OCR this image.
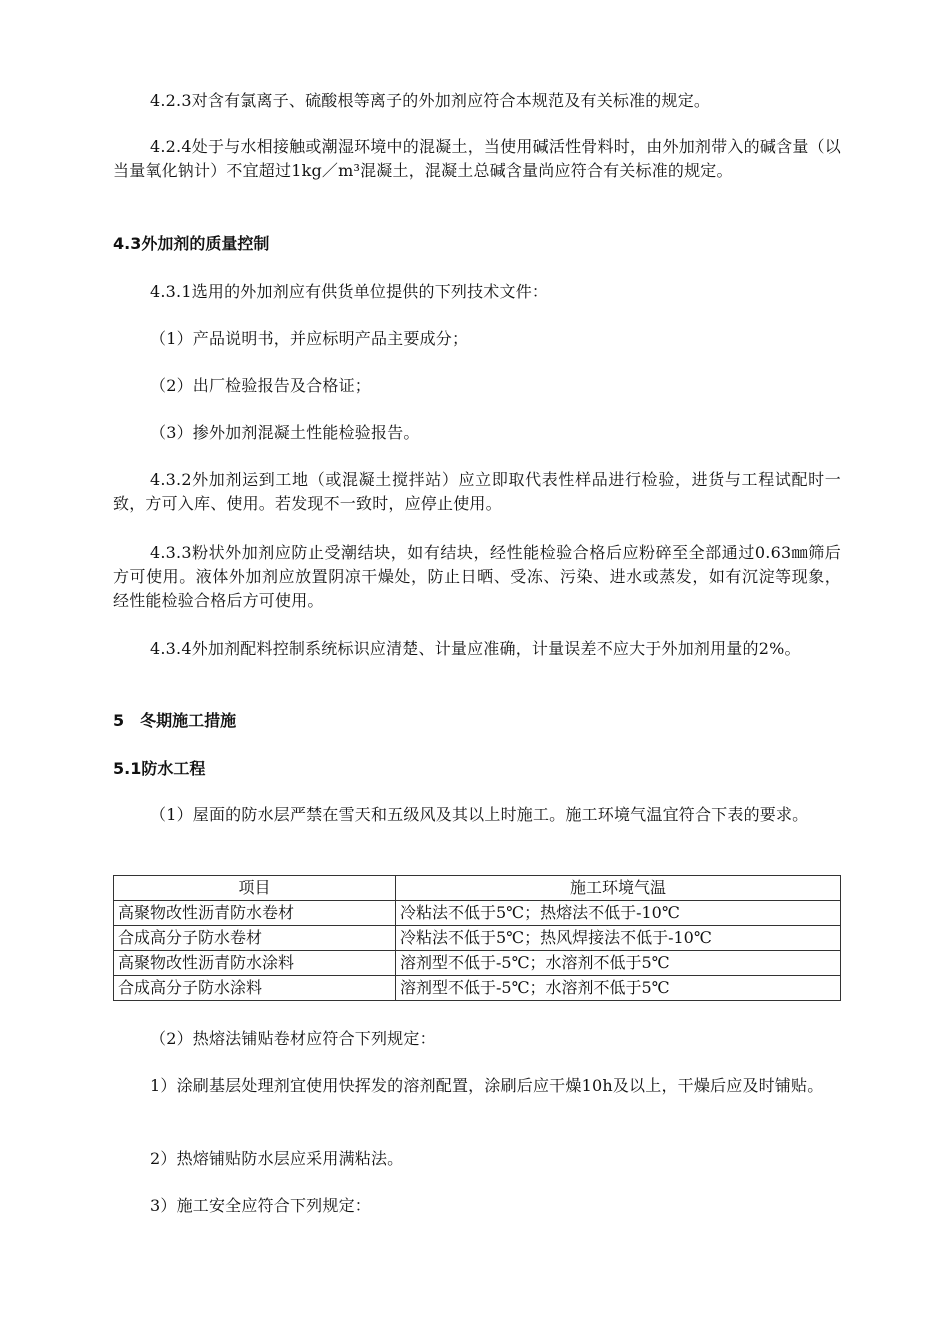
4.2.3对含有氯离子、硫酸根等离子的外加剂应符合本规范及有关标准的规定。

4.2.4处于与水相接触或潮湿环境中的混凝土，当使用碱活性骨料时，由外加剂带入的碱含量（以当量氧化钠计）不宜超过1kg／m³混凝土，混凝土总碱含量尚应符合有关标准的规定。

4.3外加剂的质量控制

4.3.1选用的外加剂应有供货单位提供的下列技术文件：

（1）产品说明书，并应标明产品主要成分；

（2）出厂检验报告及合格证；

（3）掺外加剂混凝土性能检验报告。

4.3.2外加剂运到工地（或混凝土搅拌站）应立即取代表性样品进行检验，进货与工程试配时一致，方可入库、使用。若发现不一致时，应停止使用。

4.3.3粉状外加剂应防止受潮结块，如有结块，经性能检验合格后应粉碎至全部通过0.63㎜筛后方可使用。液体外加剂应放置阴凉干燥处，防止日晒、受冻、污染、进水或蒸发，如有沉淀等现象，经性能检验合格后方可使用。

4.3.4外加剂配料控制系统标识应清楚、计量应准确，计量误差不应大于外加剂用量的2%。

5　冬期施工措施
5.1防水工程

（1）屋面的防水层严禁在雪天和五级风及其以上时施工。施工环境气温宜符合下表的要求。

项目	施工环境气温
高聚物改性沥青防水卷材	冷粘法不低于5℃；热熔法不低于-10℃
合成高分子防水卷材	冷粘法不低于5℃；热风焊接法不低于-10℃
高聚物改性沥青防水涂料	溶剂型不低于-5℃；水溶剂不低于5℃
合成高分子防水涂料	溶剂型不低于-5℃；水溶剂不低于5℃

（2）热熔法铺贴卷材应符合下列规定：

1）涂刷基层处理剂宜使用快挥发的溶剂配置，涂刷后应干燥10h及以上，干燥后应及时铺贴。

2）热熔铺贴防水层应采用满粘法。

3）施工安全应符合下列规定：
